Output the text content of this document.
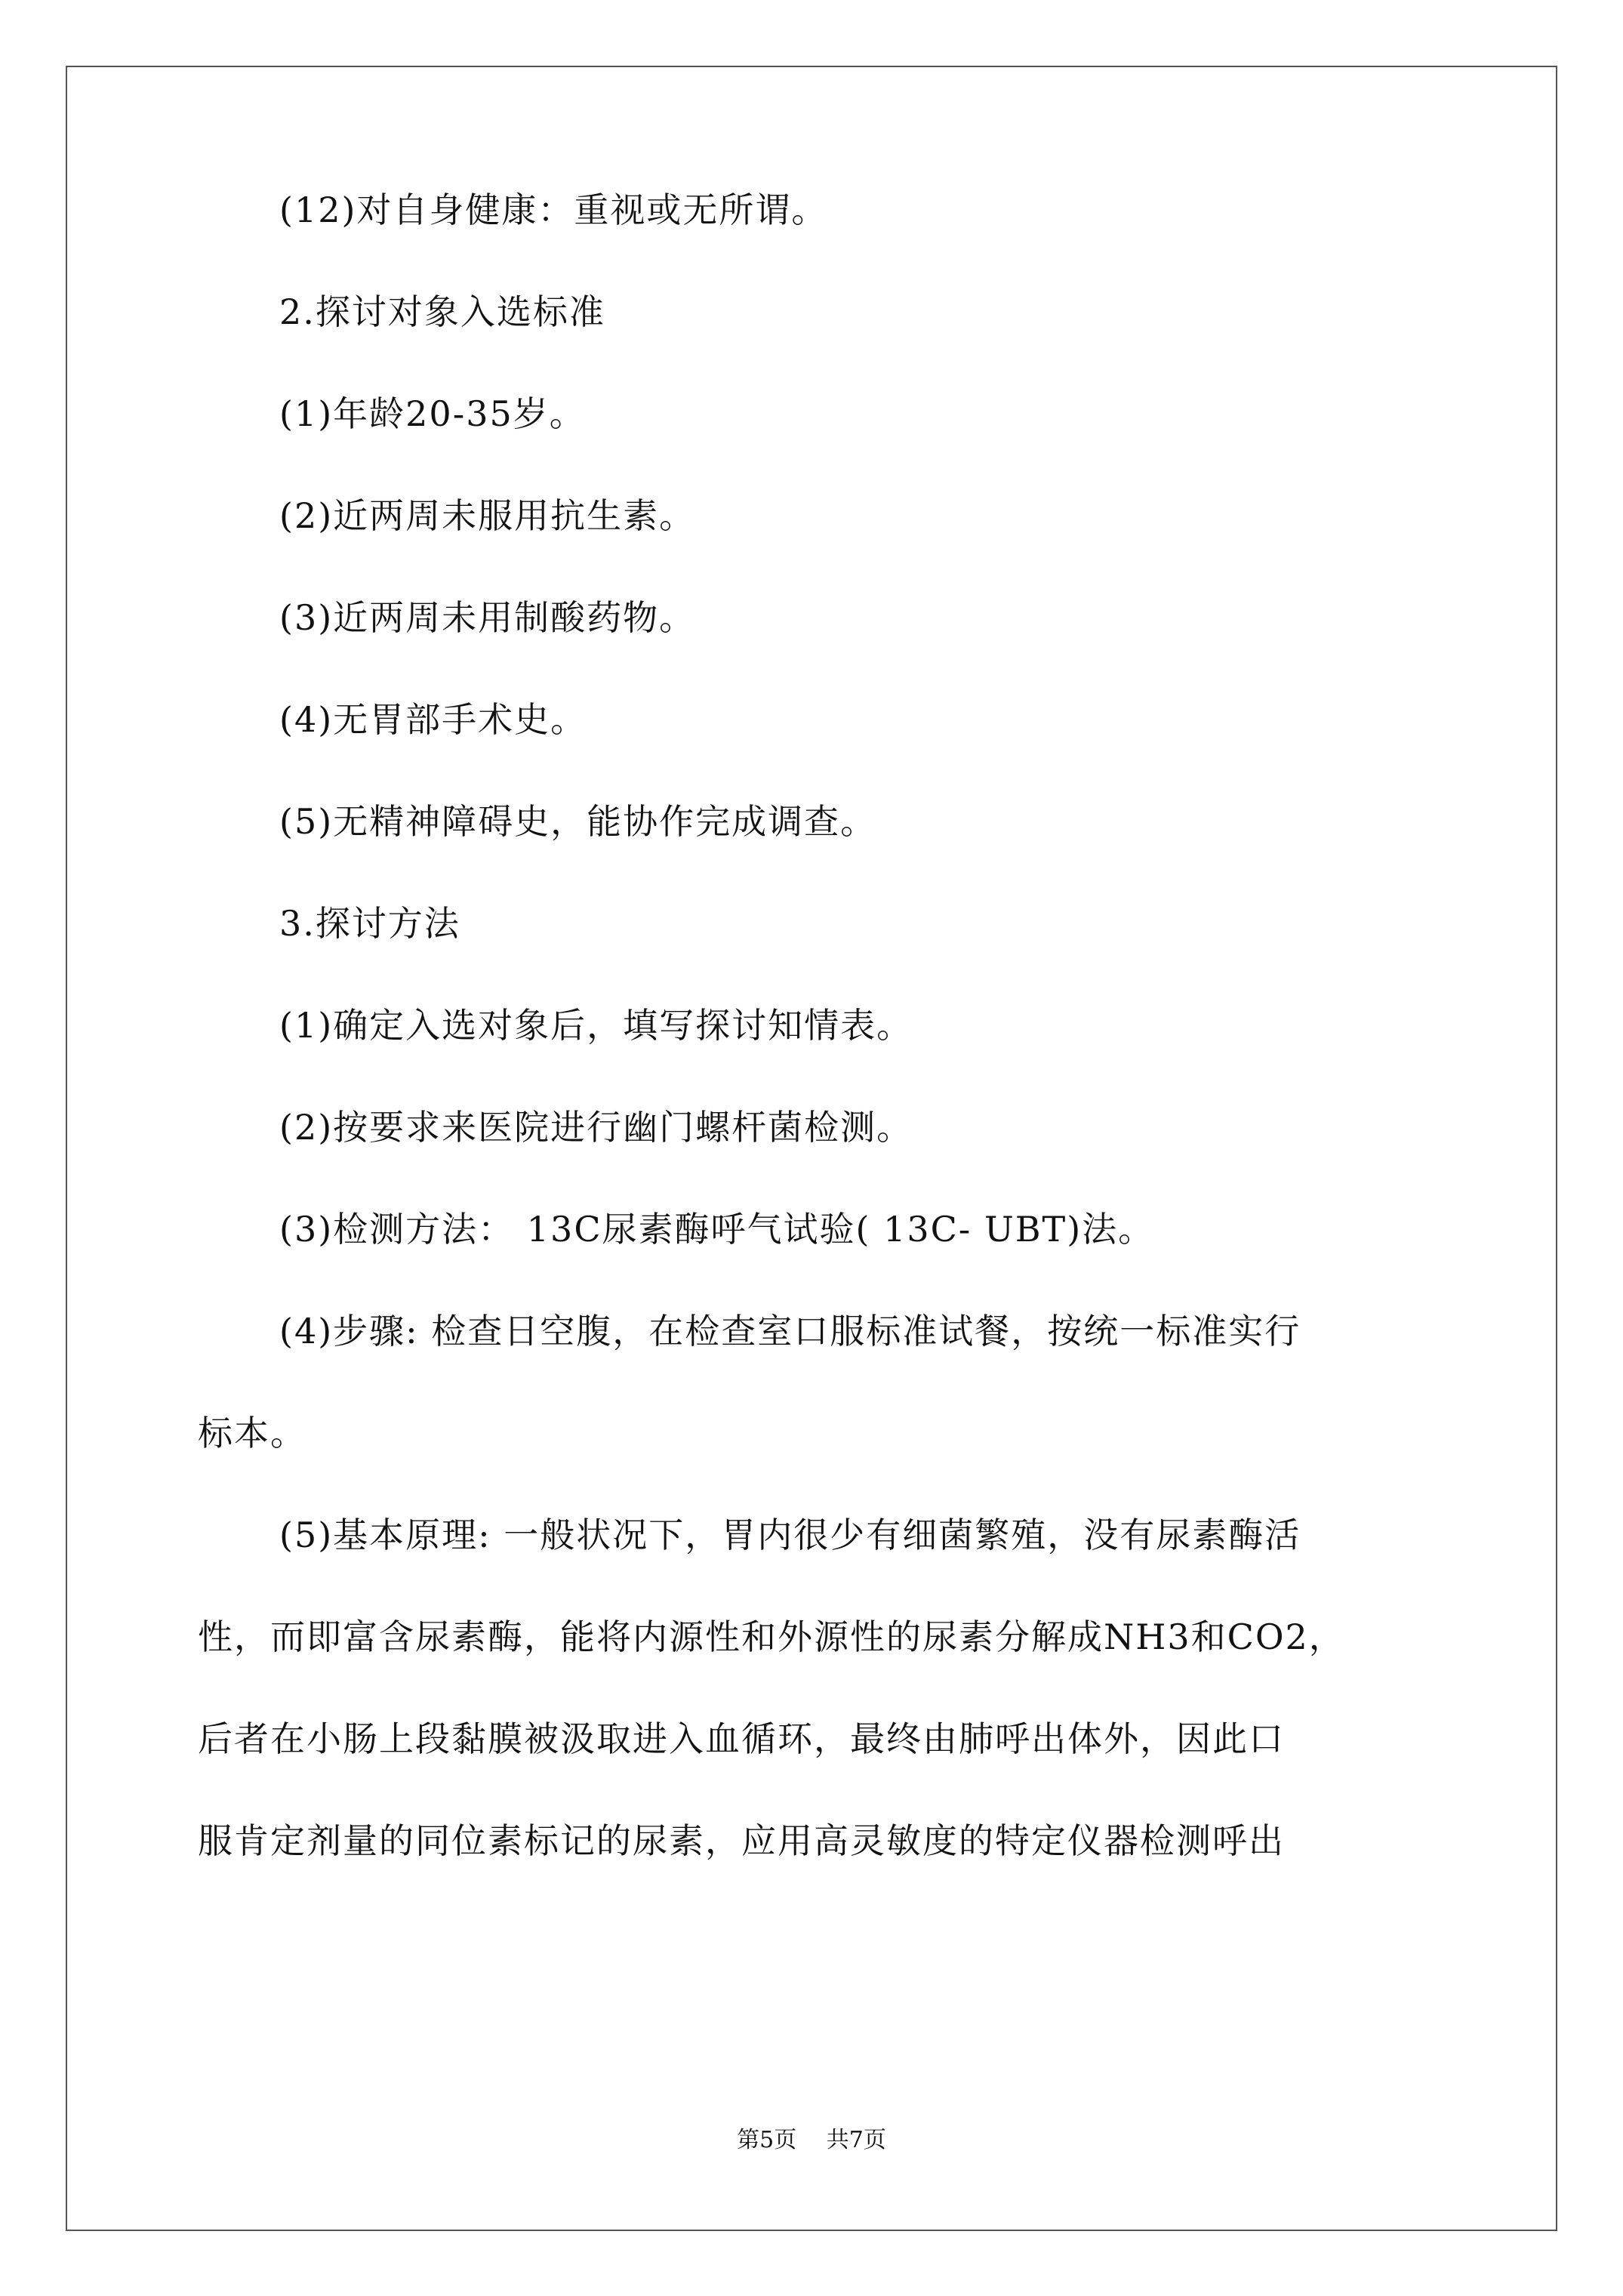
(12)对自身健康：重视或无所谓。

2.探讨对象入选标准

(1)年龄20-35岁。

(2)近两周未服用抗生素。

(3)近两周未用制酸药物。

(4)无胃部手术史。

(5)无精神障碍史，能协作完成调查。

3.探讨方法

(1)确定入选对象后，填写探讨知情表。

(2)按要求来医院进行幽门螺杆菌检测。

(3)检测方法： 13C尿素酶呼气试验( 13C- UBT)法。

(4)步骤: 检查日空腹，在检查室口服标准试餐，按统一标准实行
标本。
(5)基本原理: 一般状况下，胃内很少有细菌繁殖，没有尿素酶活
性，而即富含尿素酶，能将内源性和外源性的尿素分解成NH3和CO2，
后者在小肠上段黏膜被汲取进入血循环，最终由肺呼出体外，因此口
服肯定剂量的同位素标记的尿素，应用高灵敏度的特定仪器检测呼出
第5页 共7页
